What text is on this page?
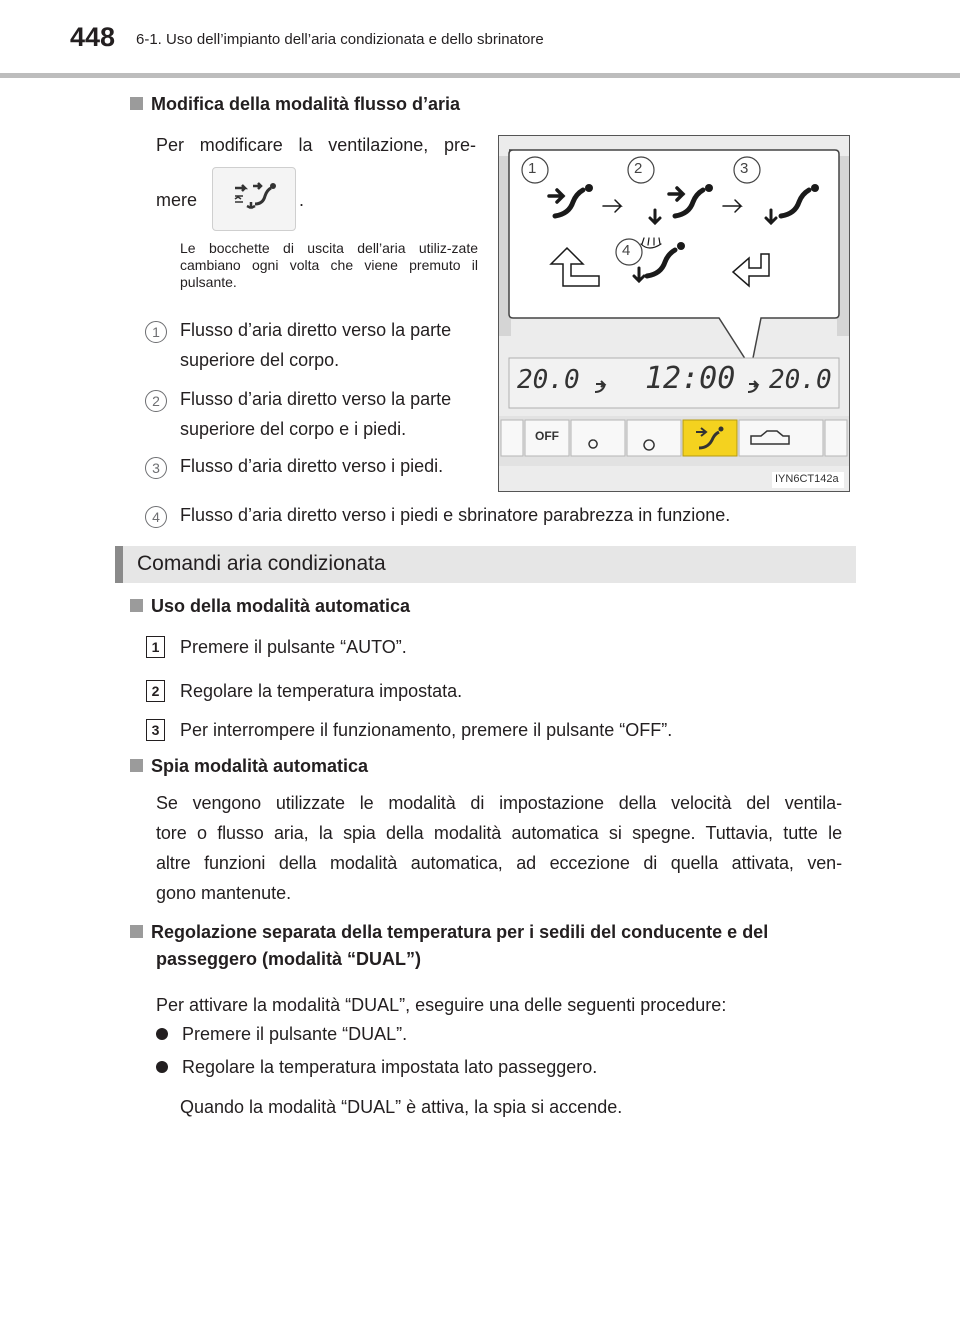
448 6-1. Uso dell’impianto dell’aria condizionata e dello sbrinatore
Modifica della modalità flusso d’aria
Per modificare la ventilazione, pre-
mere	.
Le bocchette di uscita dell’aria utiliz-zate cambiano ogni volta che viene premuto il pulsante.
1	Flusso d’aria diretto verso la parte
superiore del corpo.
2	Flusso d’aria diretto verso la parte
superiore del corpo e i piedi.
3	Flusso d’aria diretto verso i piedi.
4	Flusso d’aria diretto verso i piedi e sbrinatore parabrezza in funzione.
1	2	3
4
20.0 12:00 20.0
OFF
IYN6CT142a
Comandi aria condizionata
Uso della modalità automatica
1	Premere il pulsante “AUTO”.
2	Regolare la temperatura impostata.
3	Per interrompere il funzionamento, premere il pulsante “OFF”.
Spia modalità automatica
Se vengono utilizzate le modalità di impostazione della velocità del ventila-
tore o flusso aria, la spia della modalità automatica si spegne. Tuttavia, tutte le
altre funzioni della modalità automatica, ad eccezione di quella attivata, ven-
gono mantenute.
Regolazione separata della temperatura per i sedili del conducente e del
passeggero (modalità “DUAL”)
Per attivare la modalità “DUAL”, eseguire una delle seguenti procedure:
Premere il pulsante “DUAL”.
Regolare la temperatura impostata lato passeggero.
Quando la modalità “DUAL” è attiva, la spia si accende.
